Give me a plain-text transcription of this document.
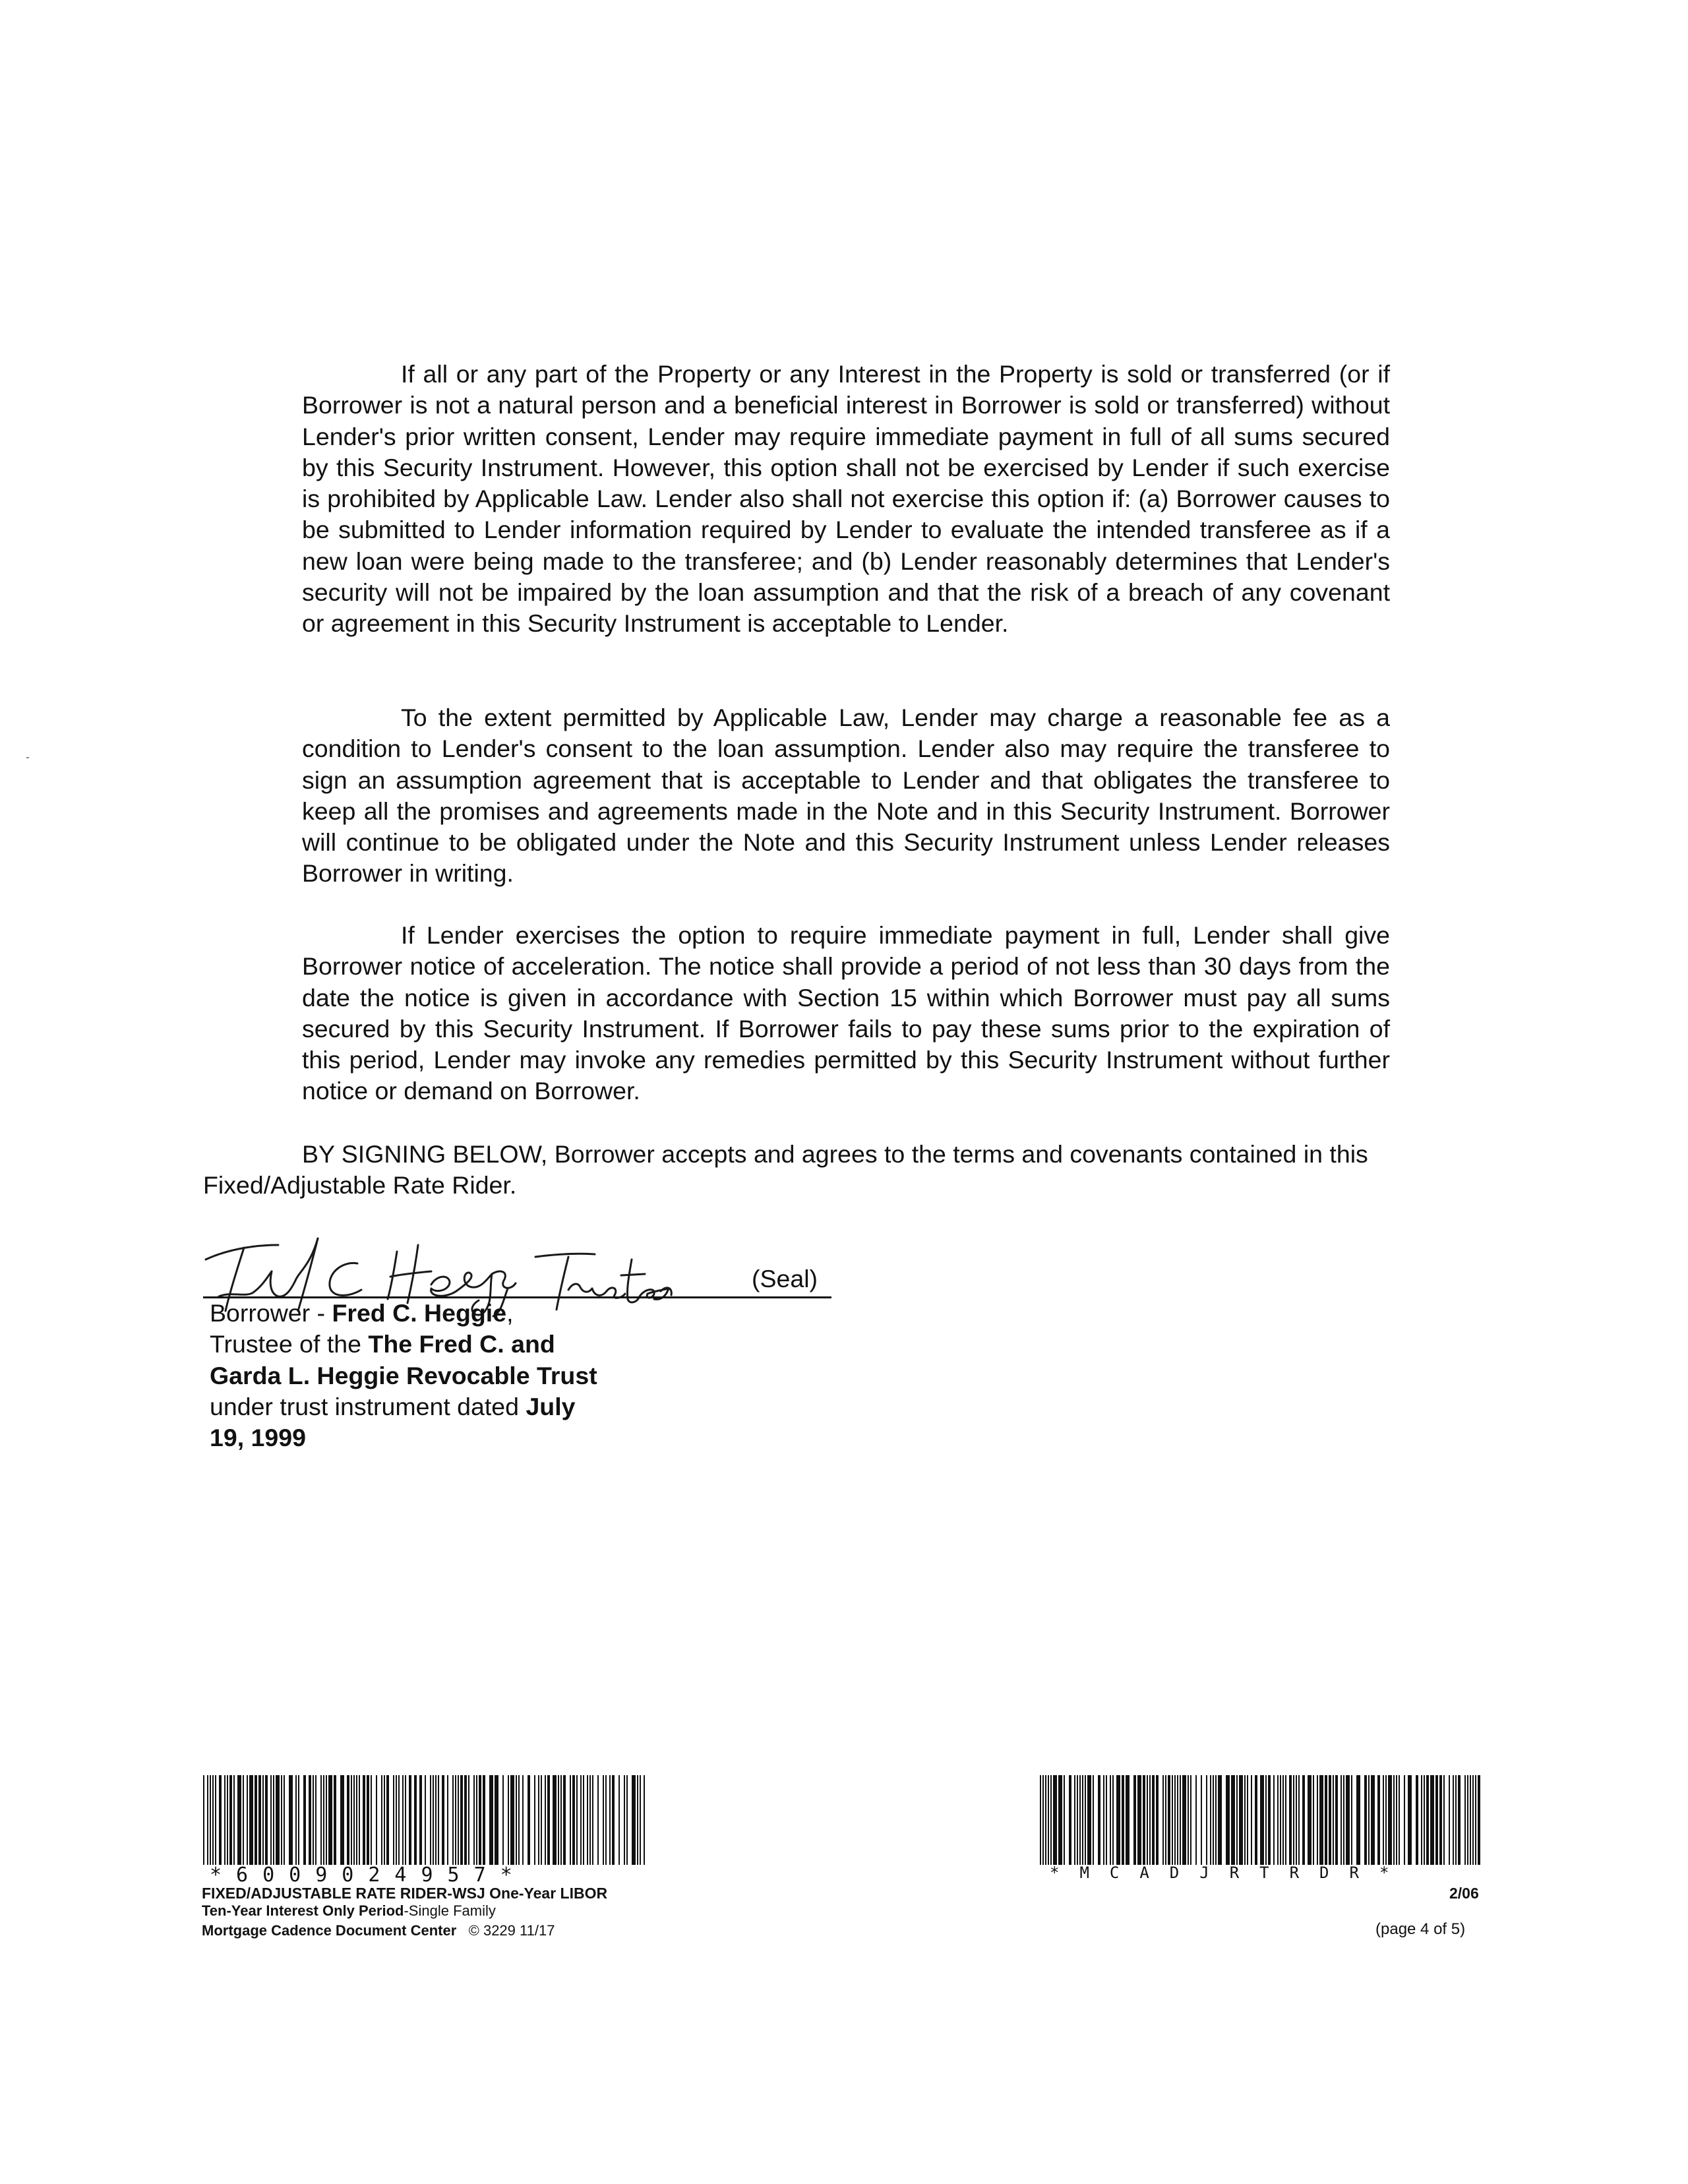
If all or any part of the Property or any Interest in the Property is sold or transferred (or if Borrower is not a natural person and a beneficial interest in Borrower is sold or transferred) without Lender's prior written consent, Lender may require immediate payment in full of all sums secured by this Security Instrument. However, this option shall not be exercised by Lender if such exercise is prohibited by Applicable Law. Lender also shall not exercise this option if: (a) Borrower causes to be submitted to Lender information required by Lender to evaluate the intended transferee as if a new loan were being made to the transferee; and (b) Lender reasonably determines that Lender's security will not be impaired by the loan assumption and that the risk of a breach of any covenant or agreement in this Security Instrument is acceptable to Lender.

To the extent permitted by Applicable Law, Lender may charge a reasonable fee as a condition to Lender's consent to the loan assumption. Lender also may require the transferee to sign an assumption agreement that is acceptable to Lender and that obligates the transferee to keep all the promises and agreements made in the Note and in this Security Instrument. Borrower will continue to be obligated under the Note and this Security Instrument unless Lender releases Borrower in writing.

If Lender exercises the option to require immediate payment in full, Lender shall give Borrower notice of acceleration. The notice shall provide a period of not less than 30 days from the date the notice is given in accordance with Section 15 within which Borrower must pay all sums secured by this Security Instrument. If Borrower fails to pay these sums prior to the expiration of this period, Lender may invoke any remedies permitted by this Security Instrument without further notice or demand on Borrower.

BY SIGNING BELOW, Borrower accepts and agrees to the terms and covenants contained in this Fixed/Adjustable Rate Rider.

(Seal)
Borrower - Fred C. Heggie,
Trustee of the The Fred C. and
Garda L. Heggie Revocable Trust
under trust instrument dated July
19, 1999
*6009024957*	*MCADJRTRDR*
FIXED/ADJUSTABLE RATE RIDER-WSJ One-Year LIBOR
Ten-Year Interest Only Period-Single Family
Mortgage Cadence Document Center © 3229 11/17
2/06
(page 4 of 5)
